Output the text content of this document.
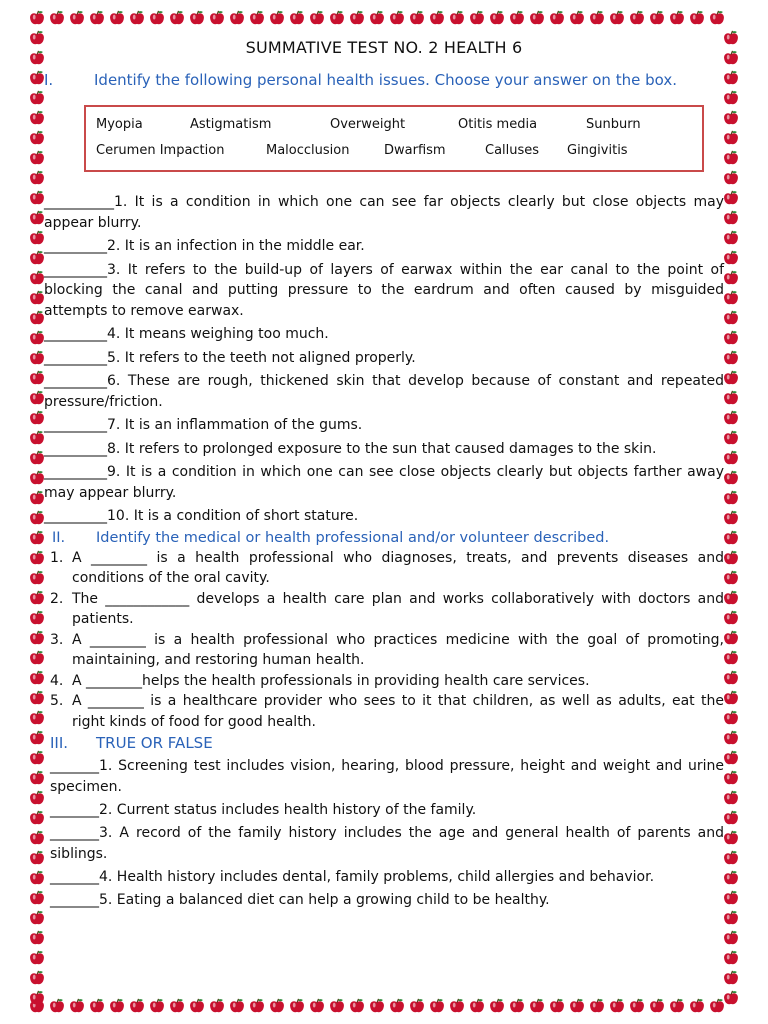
SUMMATIVE TEST NO. 2 HEALTH 6
I.	Identify the following personal health issues. Choose your answer on the box.
Myopia	Astigmatism	Overweight	Otitis media	Sunburn
Cerumen Impaction	Malocclusion	Dwarfism	Calluses	Gingivitis
__________1. It is a condition in which one can see far objects clearly but close objects may appear blurry.
_________2. It is an infection in the middle ear.
_________3. It refers to the build-up of layers of earwax within the ear canal to the point of blocking the canal and putting pressure to the eardrum and often caused by misguided attempts to remove earwax.
_________4. It means weighing too much.
_________5. It refers to the teeth not aligned properly.
_________6. These are rough, thickened skin that develop because of constant and repeated pressure/friction.
_________7. It is an inflammation of the gums.
_________8. It refers to prolonged exposure to the sun that caused damages to the skin.
_________9. It is a condition in which one can see close objects clearly but objects farther away may appear blurry.
_________10. It is a condition of short stature.
II.	Identify the medical or health professional and/or volunteer described.
1. A ________ is a health professional who diagnoses, treats, and prevents diseases and conditions of the oral cavity.
2. The ____________ develops a health care plan and works collaboratively with doctors and patients.
3. A ________ is a health professional who practices medicine with the goal of promoting, maintaining, and restoring human health.
4. A ________helps the health professionals in providing health care services.
5. A ________ is a healthcare provider who sees to it that children, as well as adults, eat the right kinds of food for good health.
III.	TRUE OR FALSE
_______1. Screening test includes vision, hearing, blood pressure, height and weight and urine specimen.
_______2. Current status includes health history of the family.
_______3. A record of the family history includes the age and general health of parents and siblings.
_______4. Health history includes dental, family problems, child allergies and behavior.
_______5. Eating a balanced diet can help a growing child to be healthy.
